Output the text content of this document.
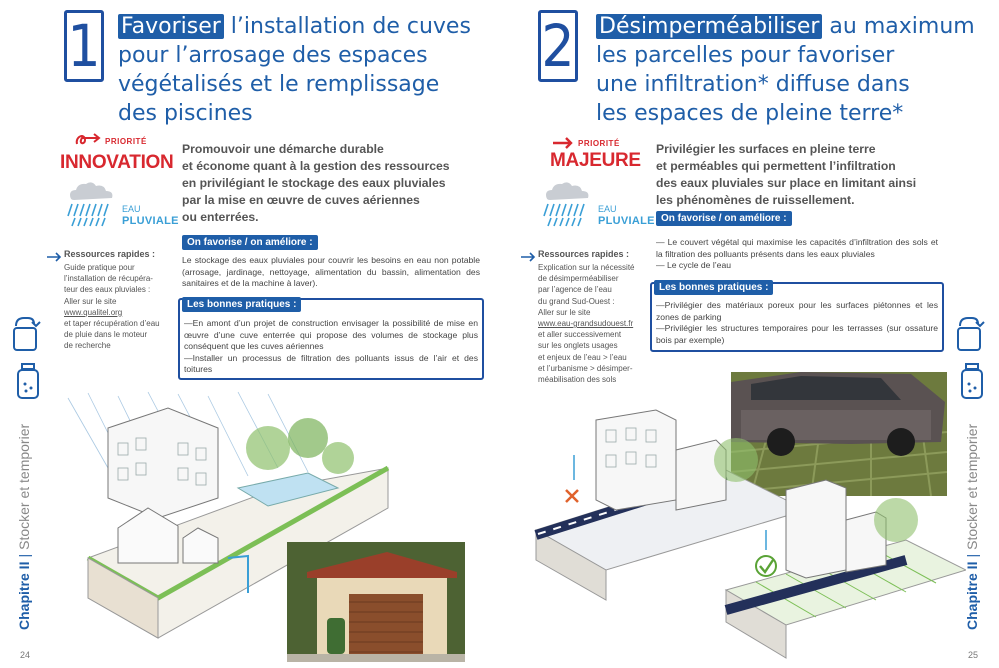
1 Favoriser l’installation de cuves
pour l’arrosage des espaces
végétalisés et le remplissage
des piscines
PRIORITÉ
INNOVATION
EAU
PLUVIALE
Promouvoir une démarche durable
et économe quant à la gestion des ressources
en privilégiant le stockage des eaux pluviales
par la mise en œuvre de cuves aériennes
ou enterrées.
On favorise / on améliore :
Le stockage des eaux pluviales pour couvrir les besoins en eau non potable (arrosage, jardinage, nettoyage, alimentation du bassin, alimentation des sanitaires et de la machine à laver).
Les bonnes pratiques :
—En amont d’un projet de construction envisager la possibilité de mise en œuvre d’une cuve enterrée qui propose des volumes de stockage plus conséquent que les cuves aériennes
—Installer un processus de filtration des polluants issus de l’air et des toitures
Ressources rapides :
Guide pratique pour
l’installation de récupéra-
teur des eaux pluviales :
Aller sur le site
www.qualitel.org
et taper récupération d’eau
de pluie dans le moteur
de recherche
Chapitre II|Stocker et temporier
24
2 Désimperméabiliser au maximum
les parcelles pour favoriser
une infiltration* diffuse dans
les espaces de pleine terre*
PRIORITÉ
MAJEURE
EAU
PLUVIALE
Privilégier les surfaces en pleine terre
et perméables qui permettent l’infiltration
des eaux pluviales sur place en limitant ainsi
les phénomènes de ruissellement.
On favorise / on améliore :
— Le couvert végétal qui maximise les capacités d’infiltration des sols et la filtration des polluants présents dans les eaux pluviales
— Le cycle de l’eau
Les bonnes pratiques :
—Privilégier des matériaux poreux pour les surfaces piétonnes et les zones de parking
—Privilégier les structures temporaires pour les terrasses (sur ossature bois par exemple)
Ressources rapides :
Explication sur la nécessité
de désimperméabiliser
par l’agence de l’eau
du grand Sud-Ouest :
Aller sur le site
www.eau-grandsudouest.fr
et aller successivement
sur les onglets usages
et enjeux de l’eau > l’eau
et l’urbanisme > désimper-
méabilisation des sols
Chapitre II|Stocker et temporier
25
